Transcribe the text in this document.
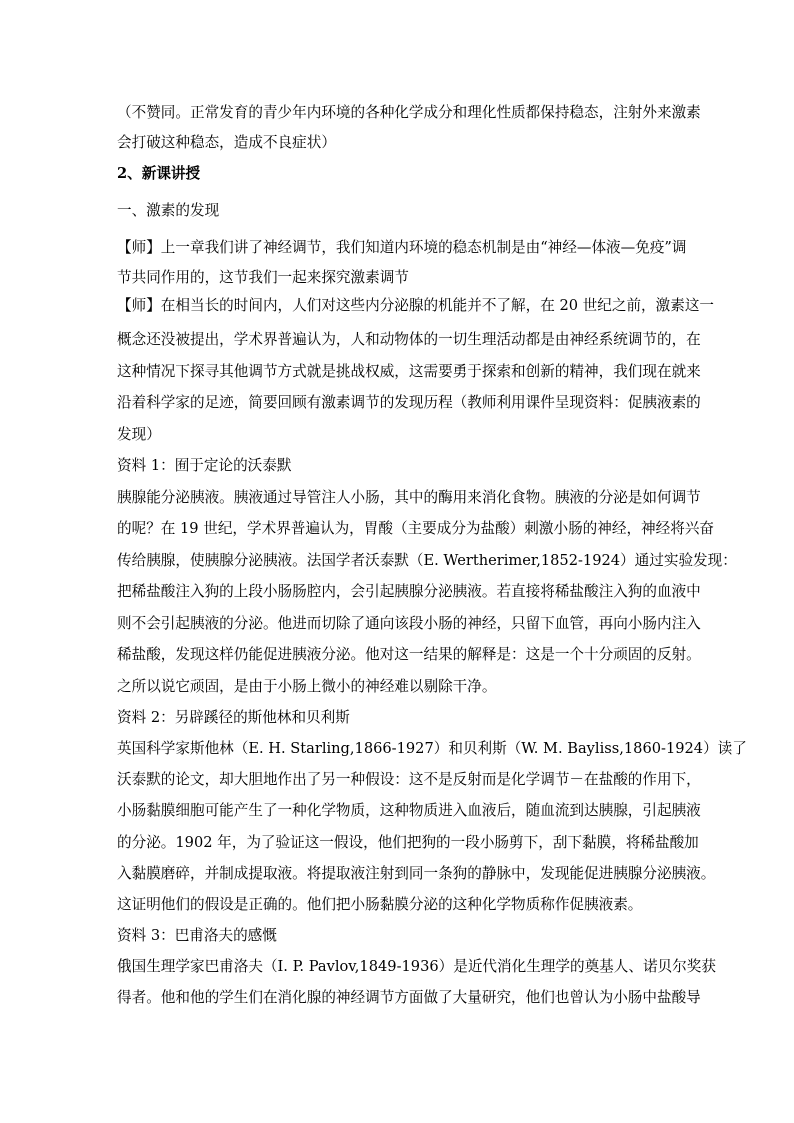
（不赞同。正常发育的青少年内环境的各种化学成分和理化性质都保持稳态，注射外来激素
会打破这种稳态，造成不良症状）
2、新课讲授
一、激素的发现
【师】上一章我们讲了神经调节，我们知道内环境的稳态机制是由“神经—体液—免疫”调
节共同作用的，这节我们一起来探究激素调节
【师】在相当长的时间内，人们对这些内分泌腺的机能并不了解，在 20 世纪之前，激素这一
概念还没被提出，学术界普遍认为，人和动物体的一切生理活动都是由神经系统调节的，在
这种情况下探寻其他调节方式就是挑战权威，这需要勇于探索和创新的精神，我们现在就来
沿着科学家的足迹，简要回顾有激素调节的发现历程（教师利用课件呈现资料：促胰液素的
发现）
资料 1：囿于定论的沃泰默
胰腺能分泌胰液。胰液通过导管注人小肠，其中的酶用来消化食物。胰液的分泌是如何调节
的呢？在 19 世纪，学术界普遍认为，胃酸（主要成分为盐酸）刺激小肠的神经，神经将兴奋
传给胰腺，使胰腺分泌胰液。法国学者沃泰默（E. Wertherimer,1852-1924）通过实验发现：
把稀盐酸注入狗的上段小肠肠腔内，会引起胰腺分泌胰液。若直接将稀盐酸注入狗的血液中
则不会引起胰液的分泌。他进而切除了通向该段小肠的神经，只留下血管，再向小肠内注入
稀盐酸，发现这样仍能促进胰液分泌。他对这一结果的解释是：这是一个十分顽固的反射。
之所以说它顽固，是由于小肠上微小的神经难以剔除干净。
资料 2：另辟蹊径的斯他林和贝利斯
英国科学家斯他林（E. H. Starling,1866-1927）和贝利斯（W. M. Bayliss,1860-1924）读了
沃泰默的论文，却大胆地作出了另一种假设：这不是反射而是化学调节－在盐酸的作用下，
小肠黏膜细胞可能产生了一种化学物质，这种物质进入血液后，随血流到达胰腺，引起胰液
的分泌。1902 年，为了验证这一假设，他们把狗的一段小肠剪下，刮下黏膜，将稀盐酸加
入黏膜磨碎，并制成提取液。将提取液注射到同一条狗的静脉中，发现能促进胰腺分泌胰液。
这证明他们的假设是正确的。他们把小肠黏膜分泌的这种化学物质称作促胰液素。
资料 3：巴甫洛夫的感慨
俄国生理学家巴甫洛夫（I. P. Pavlov,1849-1936）是近代消化生理学的奠基人、诺贝尔奖获
得者。他和他的学生们在消化腺的神经调节方面做了大量研究，他们也曾认为小肠中盐酸导
